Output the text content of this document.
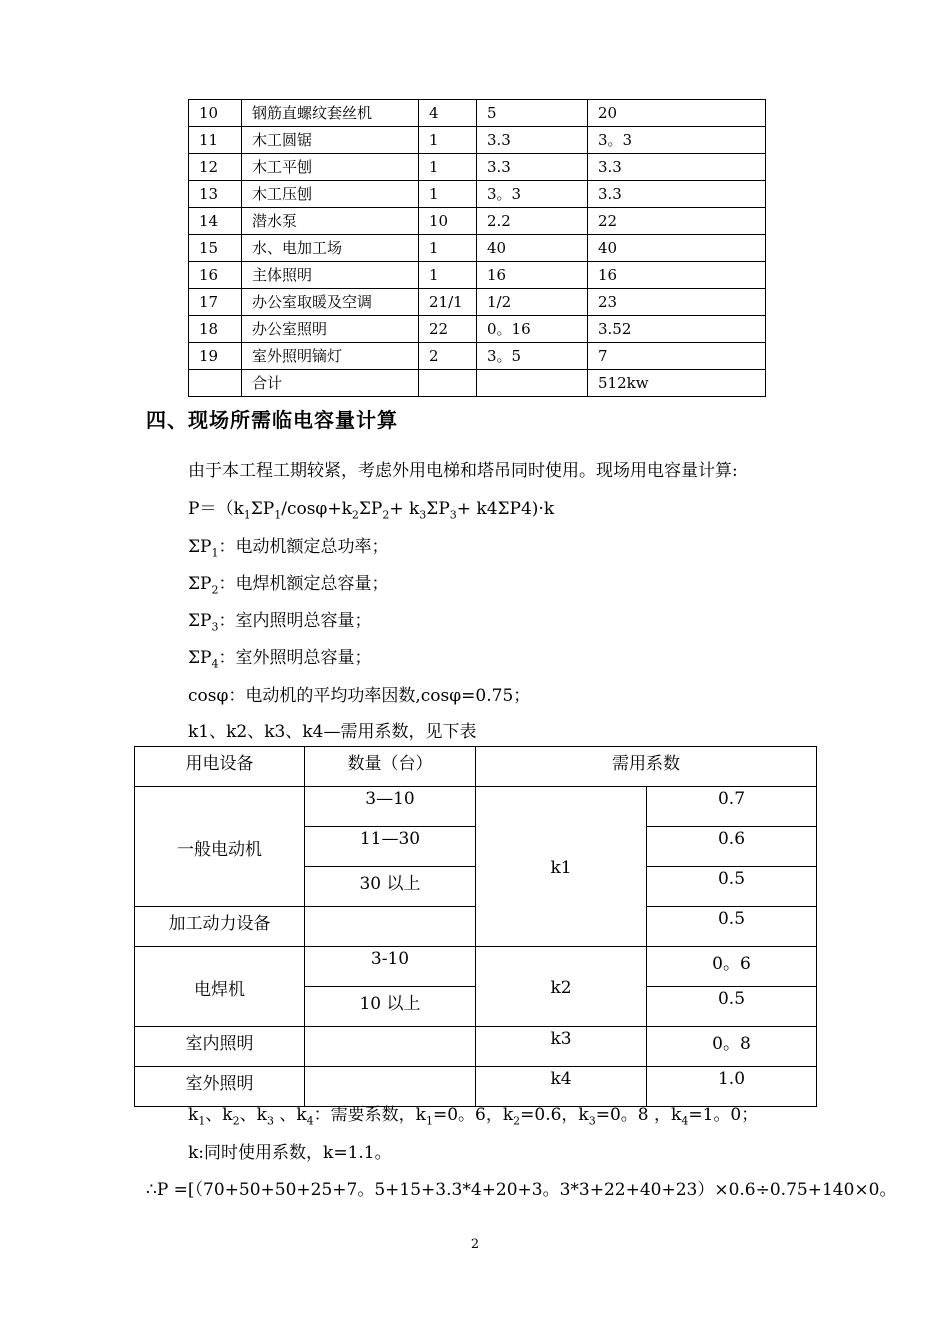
10	钢筋直螺纹套丝机	4	5	20
11	木工圆锯	1	3.3	3。3
12	木工平刨	1	3.3	3.3
13	木工压刨	1	3。3	3.3
14	潜水泵	10	2.2	22
15	水、电加工场	1	40	40
16	主体照明	1	16	16
17	办公室取暖及空调	21/1	1/2	23
18	办公室照明	22	0。16	3.52
19	室外照明镝灯	2	3。5	7
	合计			512kw
四、现场所需临电容量计算
由于本工程工期较紧，考虑外用电梯和塔吊同时使用。现场用电容量计算:
$P=(k_1\Sigma P_1/\cos\varphi+k_2\Sigma P_2+ k_3\Sigma P_3+ k4\Sigma P4)\cdot k$
$\Sigma P_1$：电动机额定总功率；
$\Sigma P_2$：电焊机额定总容量；
$\Sigma P_3$：室内照明总容量；
$\Sigma P_4$：室外照明总容量；
cosφ：电动机的平均功率因数,cosφ=0.75；
k1、k2、k3、k4—需用系数，见下表
用电设备	数量（台）	需用系数	
一般电动机	3—10	k1	0.7
	11—30		0.6
	30 以上		0.5
加工动力设备			0.5
电焊机	3-10	k2	0。6
	10 以上		0.5
室内照明		k3	0。8
室外照明		k4	1.0
$k_1$、$k_2$、$k_3$ 、$k_4$：需要系数，$k_1=0$。6，$k_2=0.6$，$k_3=0$。8 ，$k_4=1$。0；
k:同时使用系数，k=1.1。
∴P =[（70+50+50+25+7。5+15+3.3*4+20+3。3*3+22+40+23）×0.6÷0.75+140×0。
2
